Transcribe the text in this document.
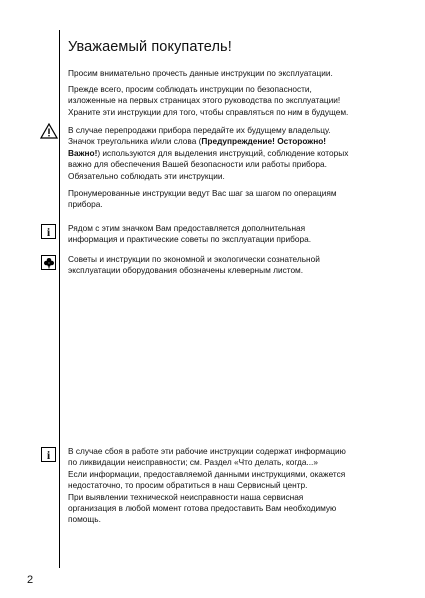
Уважаемый покупатель!
Просим внимательно прочесть данные инструкции по эксплуатации.
Прежде всего, просим соблюдать инструкции по безопасности,
изложенные на первых страницах этого руководства по эксплуатации!
Храните эти инструкции для того, чтобы справляться по ним в будущем.
В случае перепродажи прибора передайте их будущему владельцу.
Значок треугольника и/или слова (Предупреждение! Осторожно!
Важно!) используются для выделения инструкций, соблюдение которых
важно для обеспечения Вашей безопасности или работы прибора.
Обязательно соблюдать эти инструкции.
Пронумерованные инструкции ведут Вас шаг за шагом по операциям
прибора.
i Рядом с этим значком Вам предоставляется дополнительная
информация и практические советы по эксплуатации прибора.
Советы и инструкции по экономной и экологически сознательной
эксплуатации оборудования обозначены клеверным листом.
i В случае сбоя в работе эти рабочие инструкции содержат информацию
по ликвидации неисправности; см. Раздел «Что делать, когда...»
Если информации, предоставляемой данными инструкциями, окажется
недостаточно, то просим обратиться в наш Сервисный центр.
При выявлении технической неисправности наша сервисная
организация в любой момент готова предоставить Вам необходимую
помощь.
2
